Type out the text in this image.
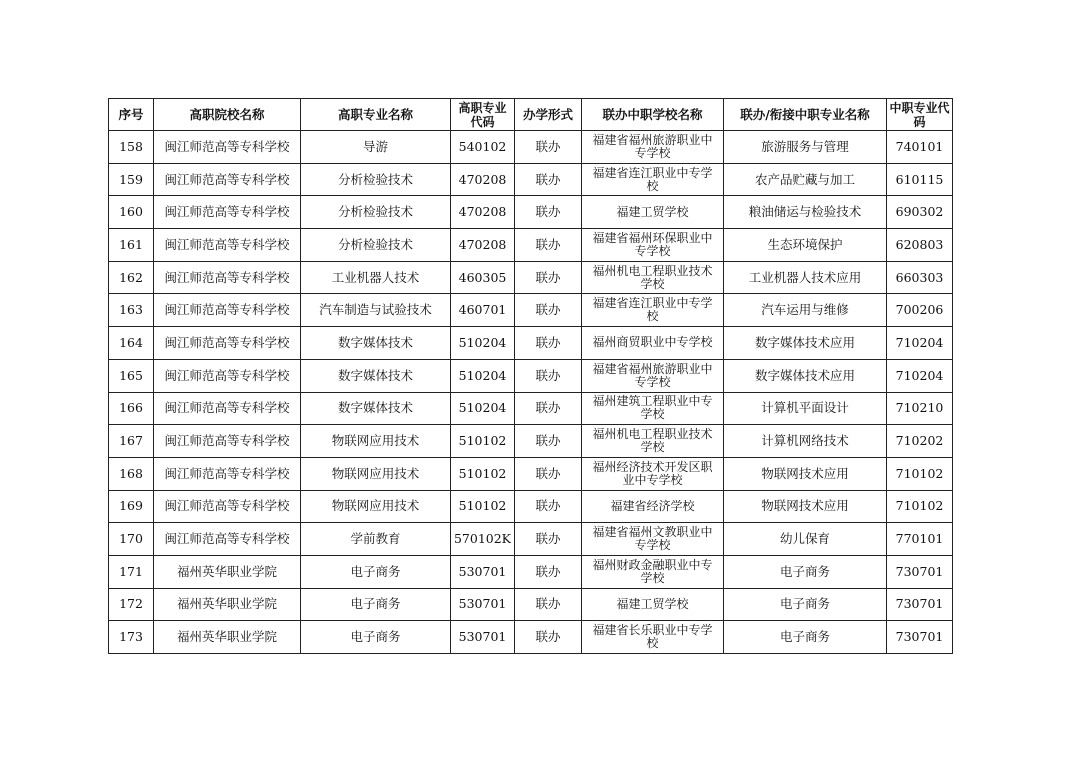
序号	高职院校名称	高职专业名称	高职专业代码	办学形式	联办中职学校名称	联办/衔接中职专业名称	中职专业代码
158	闽江师范高等专科学校	导游	540102	联办	福建省福州旅游职业中专学校	旅游服务与管理	740101
159	闽江师范高等专科学校	分析检验技术	470208	联办	福建省连江职业中专学校	农产品贮藏与加工	610115
160	闽江师范高等专科学校	分析检验技术	470208	联办	福建工贸学校	粮油储运与检验技术	690302
161	闽江师范高等专科学校	分析检验技术	470208	联办	福建省福州环保职业中专学校	生态环境保护	620803
162	闽江师范高等专科学校	工业机器人技术	460305	联办	福州机电工程职业技术学校	工业机器人技术应用	660303
163	闽江师范高等专科学校	汽车制造与试验技术	460701	联办	福建省连江职业中专学校	汽车运用与维修	700206
164	闽江师范高等专科学校	数字媒体技术	510204	联办	福州商贸职业中专学校	数字媒体技术应用	710204
165	闽江师范高等专科学校	数字媒体技术	510204	联办	福建省福州旅游职业中专学校	数字媒体技术应用	710204
166	闽江师范高等专科学校	数字媒体技术	510204	联办	福州建筑工程职业中专学校	计算机平面设计	710210
167	闽江师范高等专科学校	物联网应用技术	510102	联办	福州机电工程职业技术学校	计算机网络技术	710202
168	闽江师范高等专科学校	物联网应用技术	510102	联办	福州经济技术开发区职业中专学校	物联网技术应用	710102
169	闽江师范高等专科学校	物联网应用技术	510102	联办	福建省经济学校	物联网技术应用	710102
170	闽江师范高等专科学校	学前教育	570102K	联办	福建省福州文教职业中专学校	幼儿保育	770101
171	福州英华职业学院	电子商务	530701	联办	福州财政金融职业中专学校	电子商务	730701
172	福州英华职业学院	电子商务	530701	联办	福建工贸学校	电子商务	730701
173	福州英华职业学院	电子商务	530701	联办	福建省长乐职业中专学校	电子商务	730701
